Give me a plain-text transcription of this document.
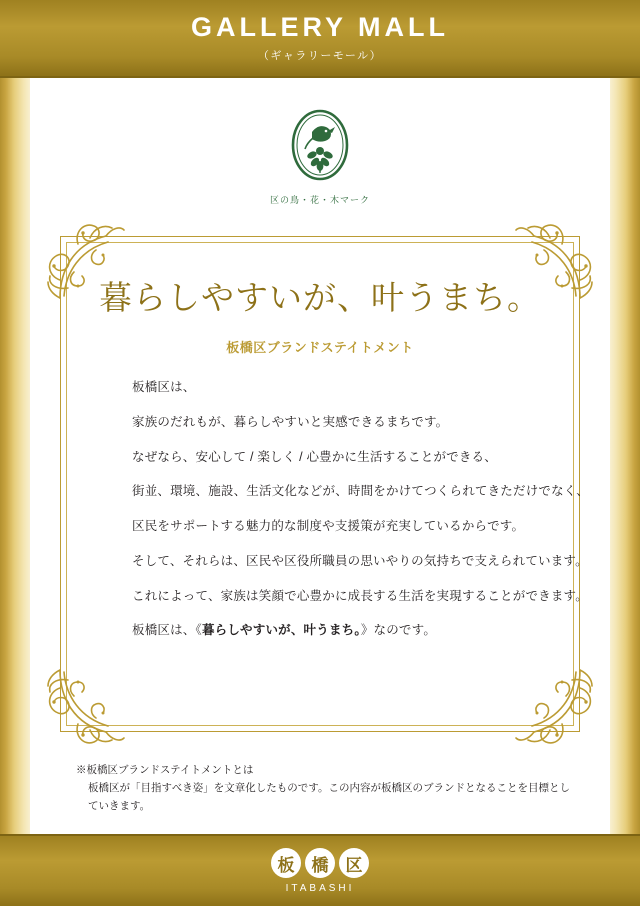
GALLERY MALL
（ギャラリーモール）
区の鳥・花・木マーク
暮らしやすいが、叶うまち。
板橋区ブランドステイトメント
板橋区は、
家族のだれもが、暮らしやすいと実感できるまちです。
なぜなら、安心して / 楽しく / 心豊かに生活することができる、
街並、環境、施設、生活文化などが、時間をかけてつくられてきただけでなく、
区民をサポートする魅力的な制度や支援策が充実しているからです。
そして、それらは、区民や区役所職員の思いやりの気持ちで支えられています。
これによって、家族は笑顔で心豊かに成長する生活を実現することができます。
板橋区は、《暮らしやすいが、叶うまち。》なのです。
※板橋区ブランドステイトメントとは
板橋区が「目指すべき姿」を文章化したものです。この内容が板橋区のブランドとなることを目標としていきます。
板	橋	区
ITABASHI
